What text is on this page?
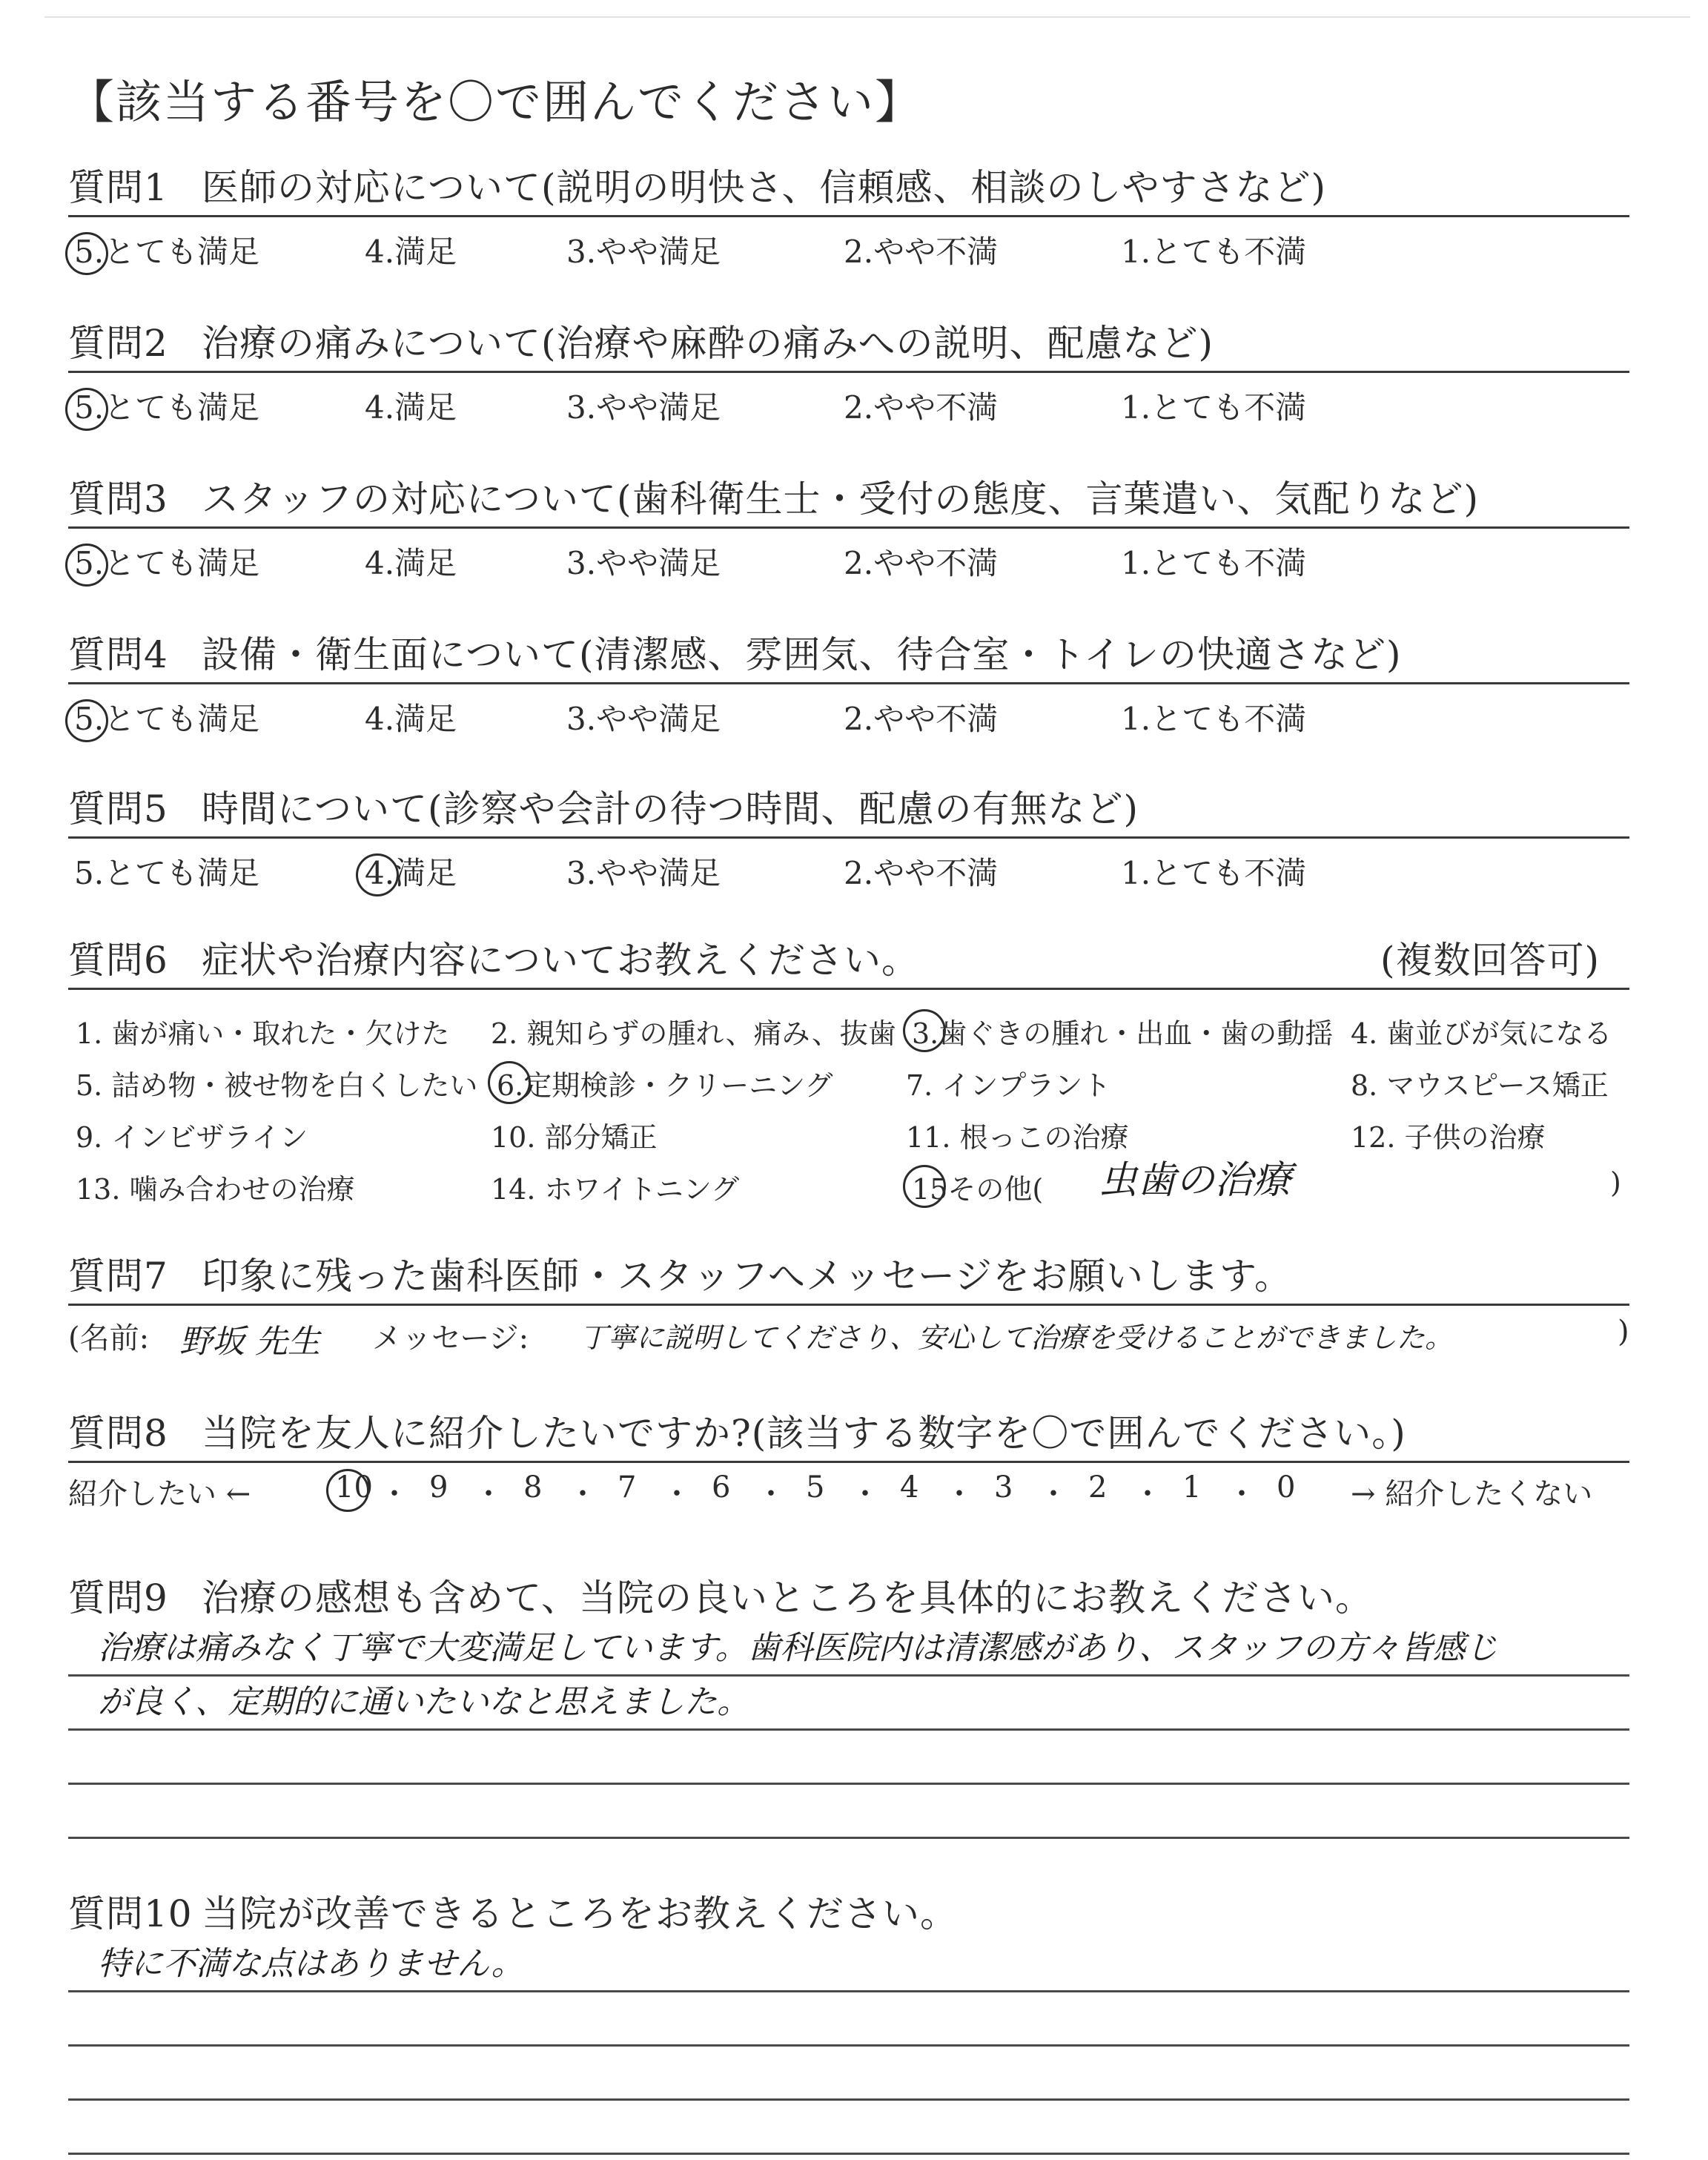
【該当する番号を〇で囲んでください】
質問1 医師の対応について(説明の明快さ、信頼感、相談のしやすさなど)
5.とても満足	4.満足	3.やや満足	2.やや不満	1.とても不満
質問2 治療の痛みについて(治療や麻酔の痛みへの説明、配慮など)
5.とても満足	4.満足	3.やや満足	2.やや不満	1.とても不満
質問3 スタッフの対応について(歯科衛生士・受付の態度、言葉遣い、気配りなど)
5.とても満足	4.満足	3.やや満足	2.やや不満	1.とても不満
質問4 設備・衛生面について(清潔感、雰囲気、待合室・トイレの快適さなど)
5.とても満足	4.満足	3.やや満足	2.やや不満	1.とても不満
質問5 時間について(診察や会計の待つ時間、配慮の有無など)
5.とても満足	4.満足	3.やや満足	2.やや不満	1.とても不満
質問6 症状や治療内容についてお教えください。	(複数回答可)
1. 歯が痛い・取れた・欠けた 2. 親知らずの腫れ、痛み、抜歯 3.歯ぐきの腫れ・出血・歯の動揺 4. 歯並びが気になる
5. 詰め物・被せ物を白くしたい 6.定期検診・クリーニング	7. インプラント	8. マウスピース矯正
9. インビザライン	10. 部分矯正	11. 根っこの治療	12. 子供の治療
13. 噛み合わせの治療	14. ホワイトニング	15その他(	)
虫歯の治療
質問7 印象に残った歯科医師・スタッフへメッセージをお願いします。
(名前: 野坂 先生 メッセージ: 丁寧に説明してくださり、安心して治療を受けることができました。	)
質問8 当院を友人に紹介したいですか?(該当する数字を〇で囲んでください。)
紹介したい ←	→ 紹介したくない
10 ・ 9 ・ 8 ・ 7 ・ 6 ・ 5 ・ 4 ・ 3 ・ 2 ・ 1 ・ 0
質問9 治療の感想も含めて、当院の良いところを具体的にお教えください。
治療は痛みなく丁寧で大変満足しています。歯科医院内は清潔感があり、スタッフの方々皆感じ
が良く、定期的に通いたいなと思えました。
質問10 当院が改善できるところをお教えください。
特に不満な点はありません。
